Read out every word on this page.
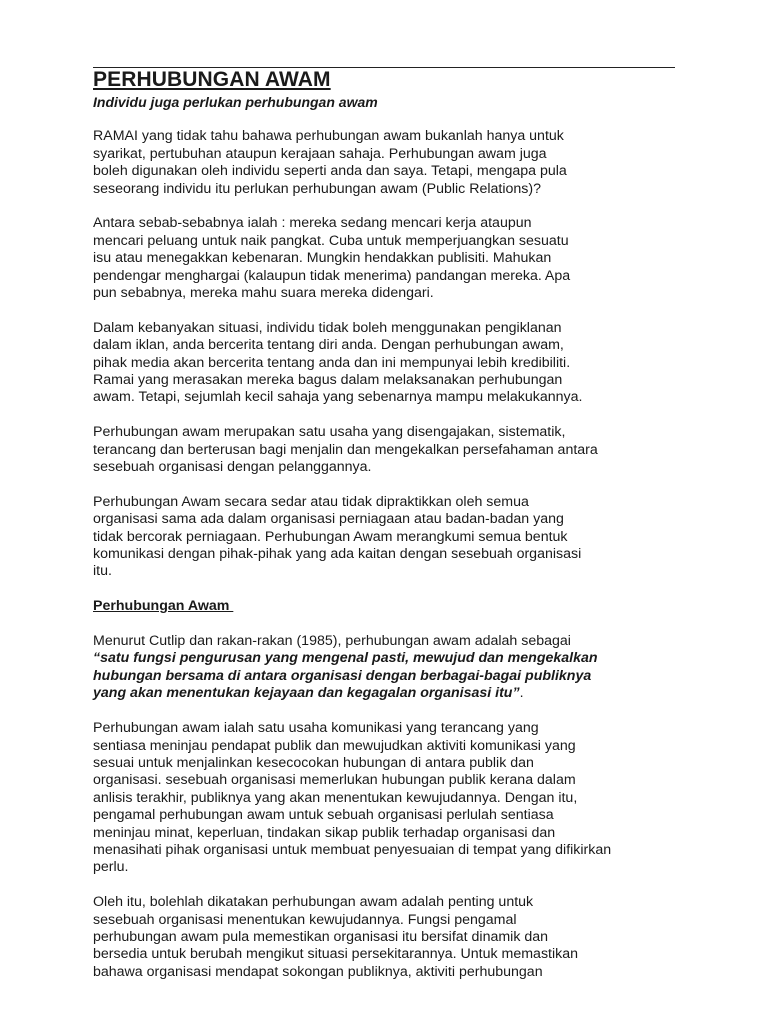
PERHUBUNGAN AWAM
Individu juga perlukan perhubungan awam
RAMAI yang tidak tahu bahawa perhubungan awam bukanlah hanya untuk
syarikat, pertubuhan ataupun kerajaan sahaja. Perhubungan awam juga
boleh digunakan oleh individu seperti anda dan saya. Tetapi, mengapa pula
seseorang individu itu perlukan perhubungan awam (Public Relations)?
Antara sebab-sebabnya ialah : mereka sedang mencari kerja ataupun
mencari peluang untuk naik pangkat. Cuba untuk memperjuangkan sesuatu
isu atau menegakkan kebenaran. Mungkin hendakkan publisiti. Mahukan
pendengar menghargai (kalaupun tidak menerima) pandangan mereka. Apa
pun sebabnya, mereka mahu suara mereka didengari.
Dalam kebanyakan situasi, individu tidak boleh menggunakan pengiklanan
dalam iklan, anda bercerita tentang diri anda. Dengan perhubungan awam,
pihak media akan bercerita tentang anda dan ini mempunyai lebih kredibiliti.
Ramai yang merasakan mereka bagus dalam melaksanakan perhubungan
awam. Tetapi, sejumlah kecil sahaja yang sebenarnya mampu melakukannya.
Perhubungan awam merupakan satu usaha yang disengajakan, sistematik,
terancang dan berterusan bagi menjalin dan mengekalkan persefahaman antara
sesebuah organisasi dengan pelanggannya.
Perhubungan Awam secara sedar atau tidak dipraktikkan oleh semua
organisasi sama ada dalam organisasi perniagaan atau badan-badan yang
tidak bercorak perniagaan. Perhubungan Awam merangkumi semua bentuk
komunikasi dengan pihak-pihak yang ada kaitan dengan sesebuah organisasi
itu.
Perhubungan Awam
Menurut Cutlip dan rakan-rakan (1985), perhubungan awam adalah sebagai
“satu fungsi pengurusan yang mengenal pasti, mewujud dan mengekalkan
hubungan bersama di antara organisasi dengan berbagai-bagai publiknya
yang akan menentukan kejayaan dan kegagalan organisasi itu”.
Perhubungan awam ialah satu usaha komunikasi yang terancang yang
sentiasa meninjau pendapat publik dan mewujudkan aktiviti komunikasi yang
sesuai untuk menjalinkan kesecocokan hubungan di antara publik dan
organisasi. sesebuah organisasi memerlukan hubungan publik kerana dalam
anlisis terakhir, publiknya yang akan menentukan kewujudannya. Dengan itu,
pengamal perhubungan awam untuk sebuah organisasi perlulah sentiasa
meninjau minat, keperluan, tindakan sikap publik terhadap organisasi dan
menasihati pihak organisasi untuk membuat penyesuaian di tempat yang difikirkan
perlu.
Oleh itu, bolehlah dikatakan perhubungan awam adalah penting untuk
sesebuah organisasi menentukan kewujudannya. Fungsi pengamal
perhubungan awam pula memestikan organisasi itu bersifat dinamik dan
bersedia untuk berubah mengikut situasi persekitarannya. Untuk memastikan
bahawa organisasi mendapat sokongan publiknya, aktiviti perhubungan
